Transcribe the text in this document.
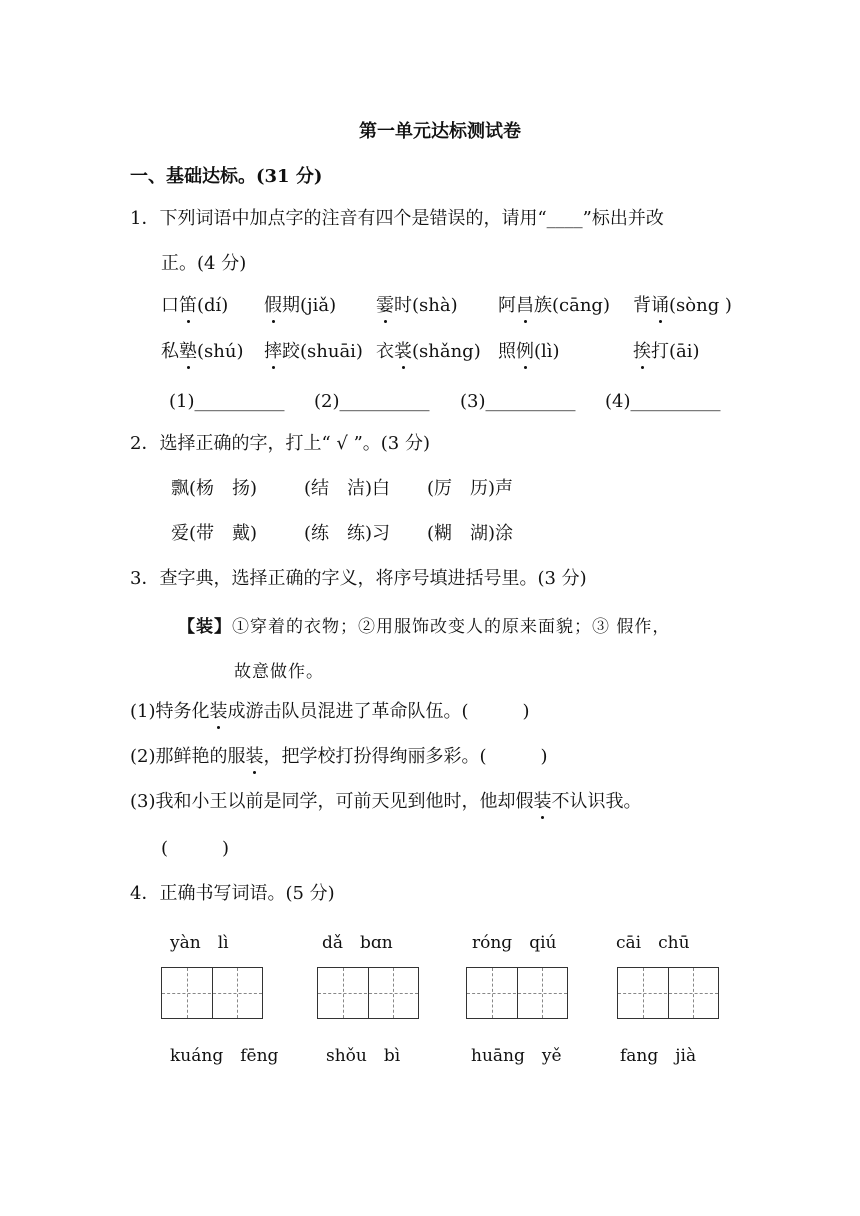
第一单元达标测试卷
一、基础达标。(31 分)
1．下列词语中加点字的注音有四个是错误的，请用“____”标出并改
正。(4 分)
口笛(dí) 假期(jiǎ) 霎时(shà) 阿昌族(cāng) 背诵(sòng )
私塾(shú) 摔跤(shuāi) 衣裳(shǎng) 照例(lì)	挨打(āi)
(1)__________ (2)__________ (3)__________ (4)__________
2．选择正确的字，打上“ √ ”。(3 分)
飘(杨　扬)	(结　洁)白 (厉　历)声
爱(带　戴)	(练　练)习 (糊　湖)涂
3．查字典，选择正确的字义，将序号填进括号里。(3 分)
【装】①穿着的衣物；②用服饰改变人的原来面貌；③ 假作，
故意做作。
(1)特务化装成游击队员混进了革命队伍。(　　　)
(2)那鲜艳的服装，把学校打扮得绚丽多彩。(　　　)
(3)我和小王以前是同学，可前天见到他时，他却假装不认识我。
(　　　)
4．正确书写词语。(5 分)
yàn　lì	dǎ　bɑn	rónɡ　qiú	cāi　chū
kuáng　fēng	shǒu　bì	huāng　yě	fang　jià
